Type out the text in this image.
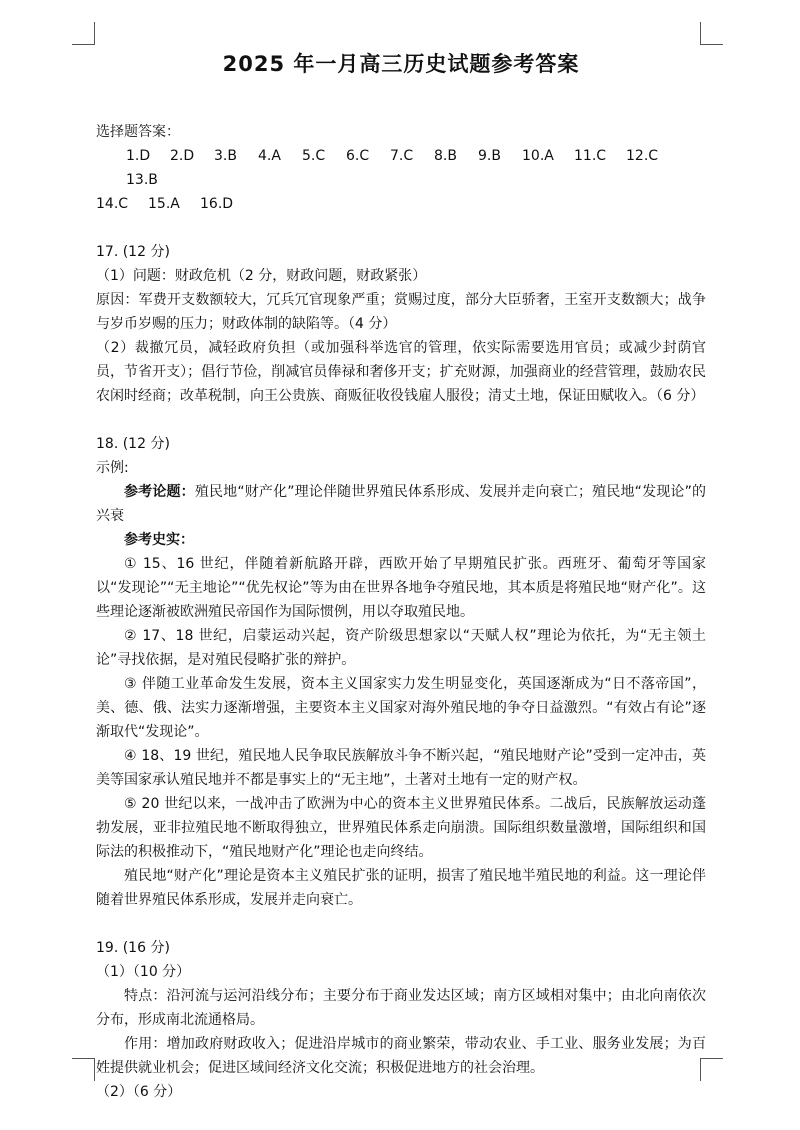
2025 年一月高三历史试题参考答案

选择题答案：

1.D	2.D	3.B	4.A	5.C	6.C	7.C	8.B	9.B	10.A	11.C	12.C
13.B
14.C	15.A	16.D

17. (12 分)

（1）问题：财政危机（2 分，财政问题，财政紧张）

原因：军费开支数额较大，冗兵冗官现象严重；赏赐过度，部分大臣骄奢，王室开支数额大；战争与岁币岁赐的压力；财政体制的缺陷等。（4 分）

（2）裁撤冗员，减轻政府负担（或加强科举选官的管理，依实际需要选用官员；或减少封荫官员，节省开支）；倡行节俭，削减官员俸禄和奢侈开支；扩充财源，加强商业的经营管理，鼓励农民农闲时经商；改革税制，向王公贵族、商贩征收役钱雇人服役；清丈土地，保证田赋收入。（6 分）

18. (12 分)

示例:

参考论题：殖民地“财产化”理论伴随世界殖民体系形成、发展并走向衰亡；殖民地“发现论”的兴衰

参考史实：

① 15、16 世纪，伴随着新航路开辟，西欧开始了早期殖民扩张。西班牙、葡萄牙等国家以“发现论”“无主地论”“优先权论”等为由在世界各地争夺殖民地，其本质是将殖民地“财产化”。这些理论逐渐被欧洲殖民帝国作为国际惯例，用以夺取殖民地。

② 17、18 世纪，启蒙运动兴起，资产阶级思想家以“天赋人权”理论为依托，为“无主领土论”寻找依据，是对殖民侵略扩张的辩护。

③ 伴随工业革命发生发展，资本主义国家实力发生明显变化，英国逐渐成为“日不落帝国”，美、德、俄、法实力逐渐增强，主要资本主义国家对海外殖民地的争夺日益激烈。“有效占有论”逐渐取代“发现论”。

④ 18、19 世纪，殖民地人民争取民族解放斗争不断兴起，“殖民地财产论”受到一定冲击，英美等国家承认殖民地并不都是事实上的“无主地”，土著对土地有一定的财产权。

⑤ 20 世纪以来，一战冲击了欧洲为中心的资本主义世界殖民体系。二战后，民族解放运动蓬勃发展，亚非拉殖民地不断取得独立，世界殖民体系走向崩溃。国际组织数量激增，国际组织和国际法的积极推动下，“殖民地财产化”理论也走向终结。

殖民地“财产化”理论是资本主义殖民扩张的证明，损害了殖民地半殖民地的利益。这一理论伴随着世界殖民体系形成，发展并走向衰亡。

19. (16 分)

（1）（10 分）

特点：沿河流与运河沿线分布；主要分布于商业发达区域；南方区域相对集中；由北向南依次分布，形成南北流通格局。

作用：增加政府财政收入；促进沿岸城市的商业繁荣，带动农业、手工业、服务业发展；为百姓提供就业机会；促进区域间经济文化交流；积极促进地方的社会治理。

（2）（6 分）
